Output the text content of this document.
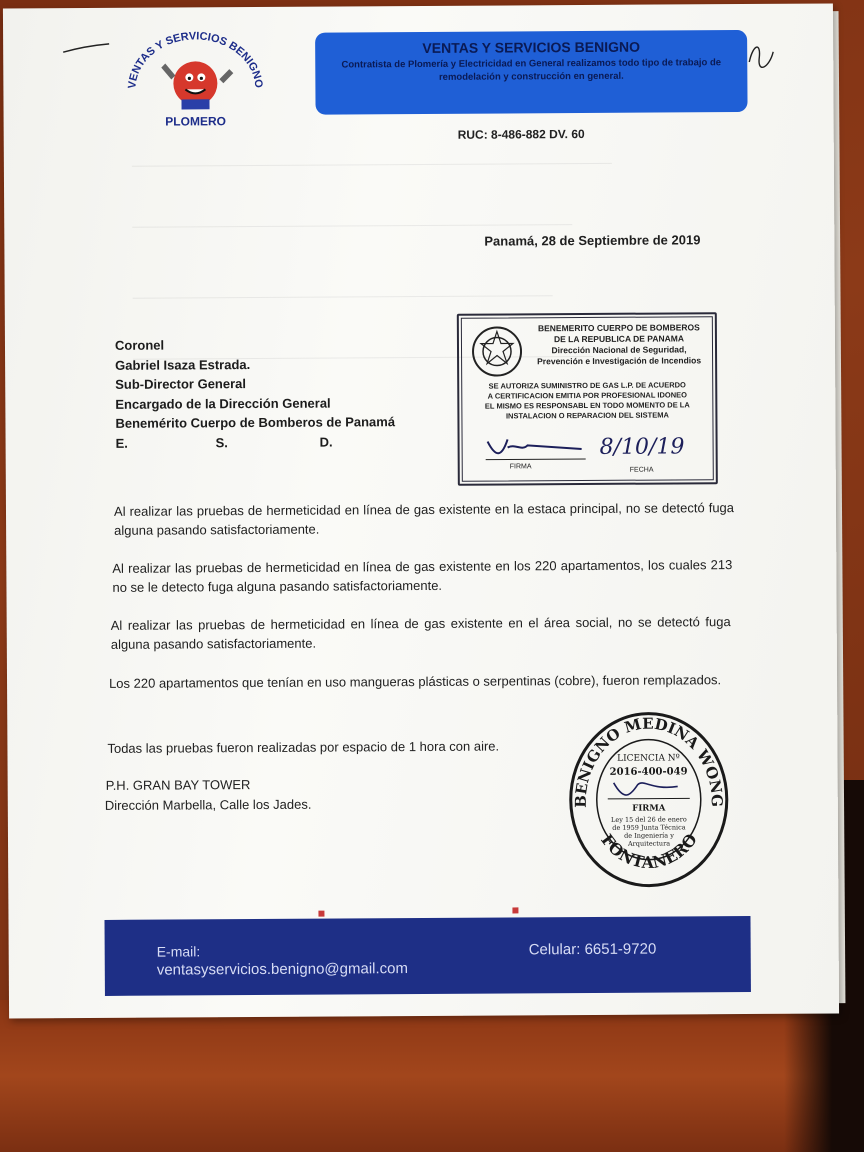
VENTAS Y SERVICIOS BENIGNO
PLOMERO
VENTAS Y SERVICIOS BENIGNO
Contratista de Plomería y Electricidad en General realizamos todo tipo de trabajo de remodelación y construcción en general.
RUC: 8-486-882 DV. 60
Panamá, 28 de Septiembre de 2019
Coronel
Gabriel Isaza Estrada.
Sub-Director General
Encargado de la Dirección General
Benemérito Cuerpo de Bomberos de Panamá
E.	S.	D.
BENEMERITO CUERPO DE BOMBEROS
DE LA REPUBLICA DE PANAMA
Dirección Nacional de Seguridad,
Prevención e Investigación de Incendios
SE AUTORIZA SUMINISTRO DE GAS L.P. DE ACUERDO
A CERTIFICACION EMITIA POR PROFESIONAL IDONEO
EL MISMO ES RESPONSABL EN TODO MOMENTO DE LA
INSTALACION O REPARACION DEL SISTEMA
8/10/19
FIRMA	FECHA
Al realizar las pruebas de hermeticidad en línea de gas existente en la estaca principal, no se detectó fuga alguna pasando satisfactoriamente.
Al realizar las pruebas de hermeticidad en línea de gas existente en los 220 apartamentos, los cuales 213 no se le detecto fuga alguna pasando satisfactoriamente.
Al realizar las pruebas de hermeticidad en línea de gas existente en el área social, no se detectó fuga alguna pasando satisfactoriamente.
Los 220 apartamentos que tenían en uso mangueras plásticas o serpentinas (cobre), fueron remplazados.
Todas las pruebas fueron realizadas por espacio de 1 hora con aire.
P.H. GRAN BAY TOWER
Dirección Marbella, Calle los Jades.	BENIGNO MEDINA WONG
FONTANERO
LICENCIA Nº
2016-400-049
FIRMA
Ley 15 del 26 de enero
de 1959 Junta Técnica
de Ingeniería y
Arquitectura
E-mail:
ventasyservicios.benigno@gmail.com
Celular: 6651-9720
